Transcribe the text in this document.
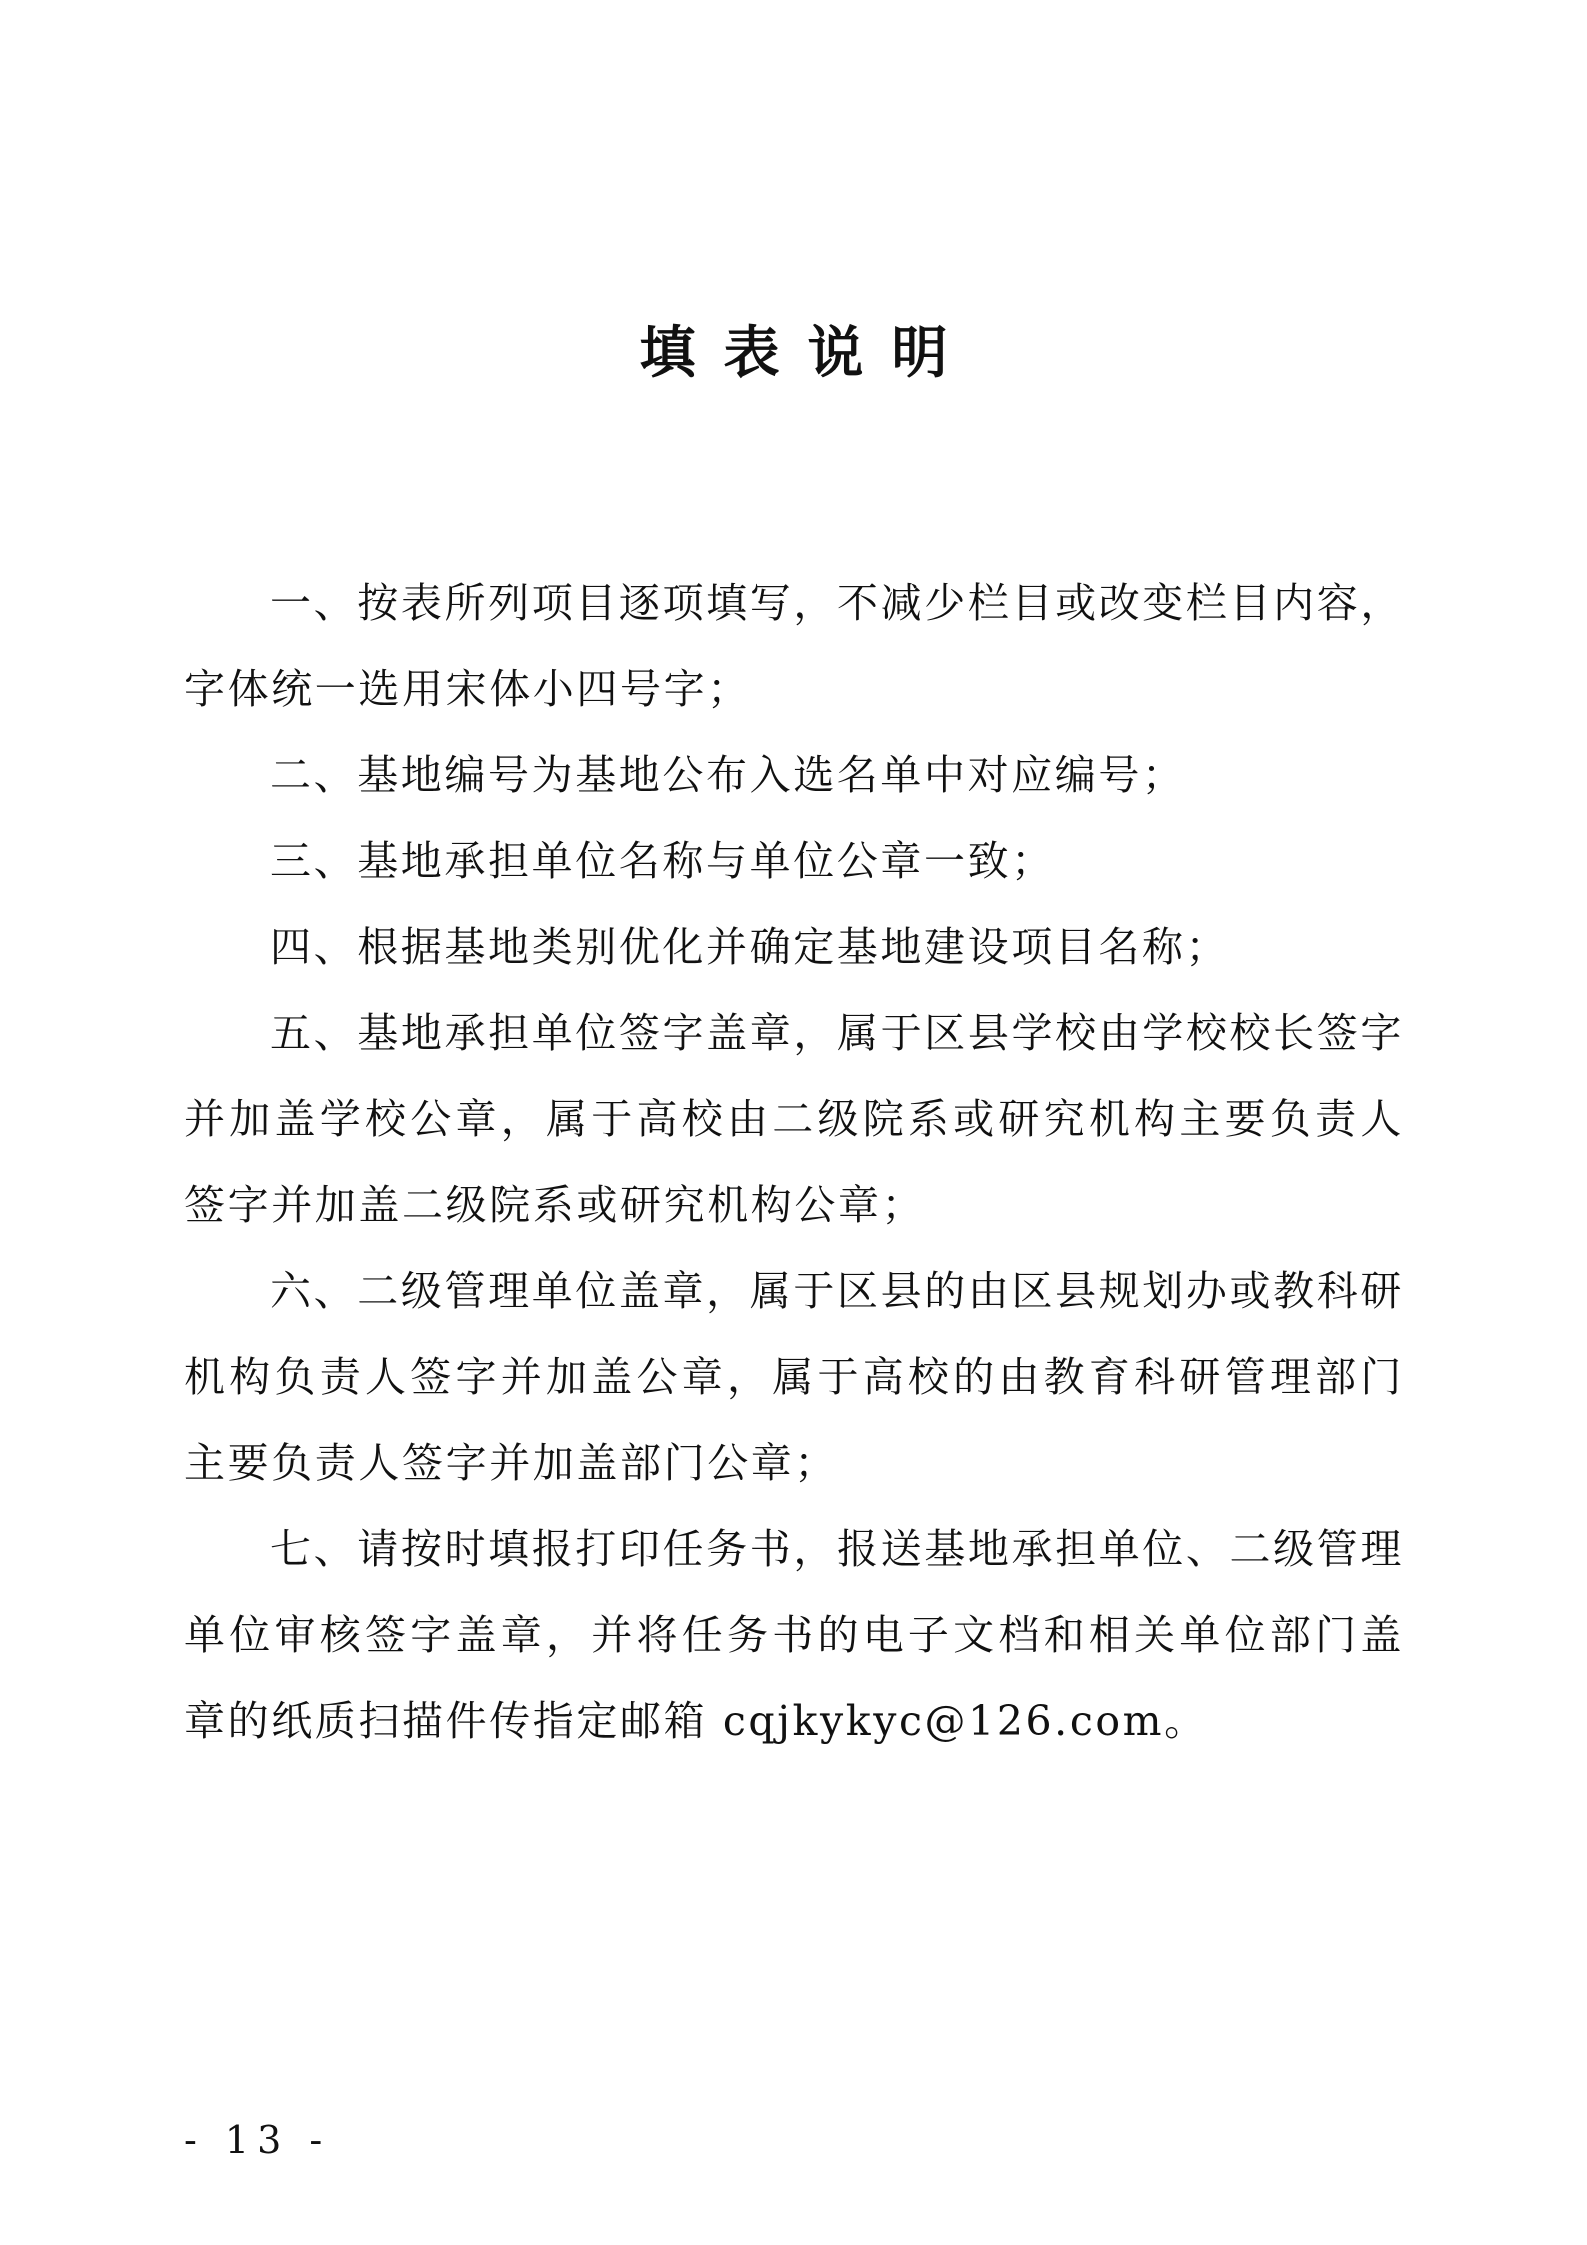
填表说明

一、按表所列项目逐项填写，不减少栏目或改变栏目内容，字体统一选用宋体小四号字；

二、基地编号为基地公布入选名单中对应编号；

三、基地承担单位名称与单位公章一致；

四、根据基地类别优化并确定基地建设项目名称；

五、基地承担单位签字盖章，属于区县学校由学校校长签字并加盖学校公章，属于高校由二级院系或研究机构主要负责人签字并加盖二级院系或研究机构公章；

六、二级管理单位盖章，属于区县的由区县规划办或教科研机构负责人签字并加盖公章，属于高校的由教育科研管理部门主要负责人签字并加盖部门公章；

七、请按时填报打印任务书，报送基地承担单位、二级管理单位审核签字盖章，并将任务书的电子文档和相关单位部门盖章的纸质扫描件传指定邮箱 cqjkykyc@126.com。

- 13 -
